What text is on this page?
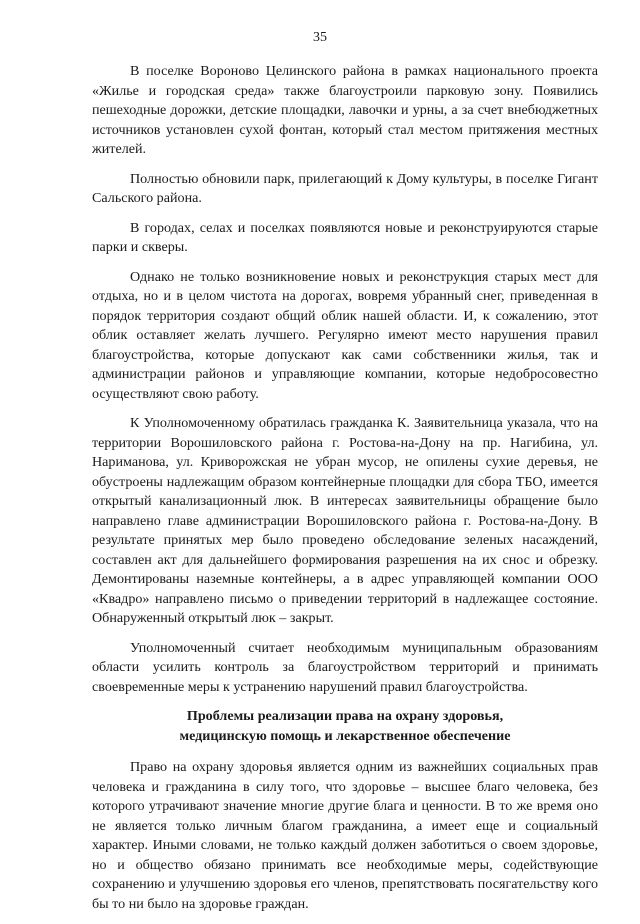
35

В поселке Вороново Целинского района в рамках национального проекта «Жилье и городская среда» также благоустроили парковую зону. Появились пешеходные дорожки, детские площадки, лавочки и урны, а за счет внебюджетных источников установлен сухой фонтан, который стал местом притяжения местных жителей.

Полностью обновили парк, прилегающий к Дому культуры, в поселке Гигант Сальского района.

В городах, селах и поселках появляются новые и реконструируются старые парки и скверы.

Однако не только возникновение новых и реконструкция старых мест для отдыха, но и в целом чистота на дорогах, вовремя убранный снег, приведенная в порядок территория создают общий облик нашей области. И, к сожалению, этот облик оставляет желать лучшего. Регулярно имеют место нарушения правил благоустройства, которые допускают как сами собственники жилья, так и администрации районов и управляющие компании, которые недобросовестно осуществляют свою работу.

К Уполномоченному обратилась гражданка К. Заявительница указала, что на территории Ворошиловского района г. Ростова-на-Дону на пр. Нагибина, ул. Нариманова, ул. Криворожская не убран мусор, не опилены сухие деревья, не обустроены надлежащим образом контейнерные площадки для сбора ТБО, имеется открытый канализационный люк. В интересах заявительницы обращение было направлено главе администрации Ворошиловского района г. Ростова-на-Дону. В результате принятых мер было проведено обследование зеленых насаждений, составлен акт для дальнейшего формирования разрешения на их снос и обрезку. Демонтированы наземные контейнеры, а в адрес управляющей компании ООО «Квадро» направлено письмо о приведении территорий в надлежащее состояние. Обнаруженный открытый люк – закрыт.

Уполномоченный считает необходимым муниципальным образованиям области усилить контроль за благоустройством территорий и принимать своевременные меры к устранению нарушений правил благоустройства.

Проблемы реализации права на охрану здоровья,
медицинскую помощь и лекарственное обеспечение

Право на охрану здоровья является одним из важнейших социальных прав человека и гражданина в силу того, что здоровье – высшее благо человека, без которого утрачивают значение многие другие блага и ценности. В то же время оно не является только личным благом гражданина, а имеет еще и социальный характер. Иными словами, не только каждый должен заботиться о своем здоровье, но и общество обязано принимать все необходимые меры, содействующие сохранению и улучшению здоровья его членов, препятствовать посягательству кого бы то ни было на здоровье граждан.
